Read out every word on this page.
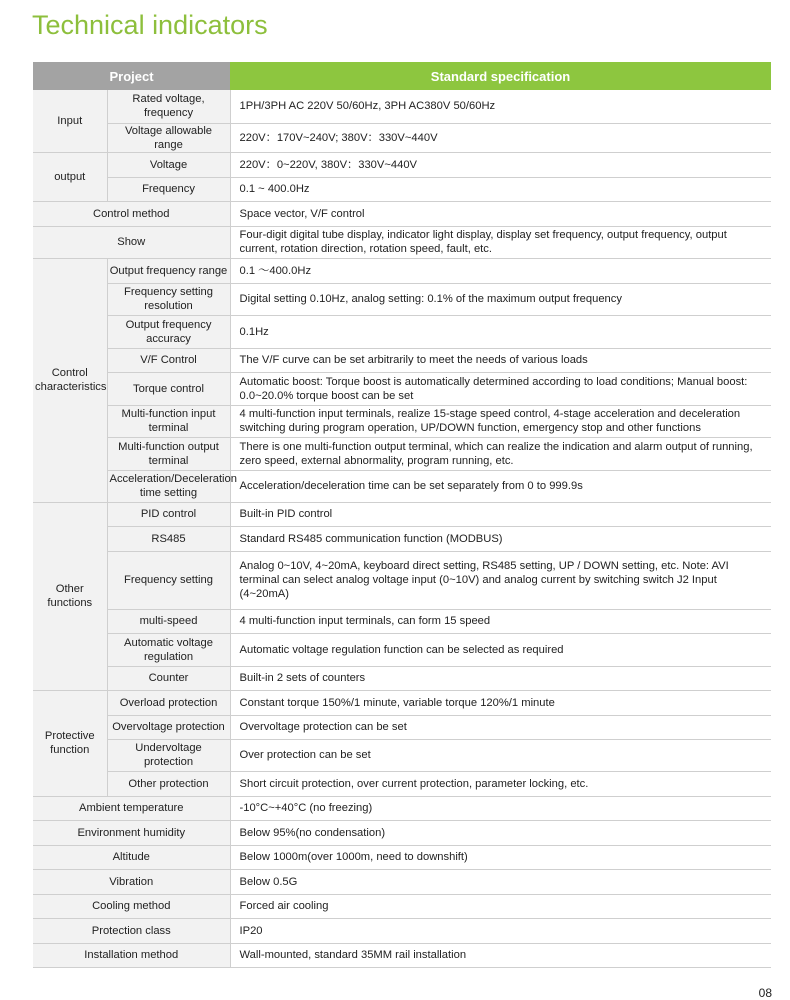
Technical indicators
Project		Standard specification
Input	Rated voltage, frequency	1PH/3PH AC 220V 50/60Hz, 3PH AC380V 50/60Hz
	Voltage allowable range	220V：170V~240V; 380V：330V~440V
output	Voltage	220V：0~220V, 380V：330V~440V
	Frequency	0.1 ~ 400.0Hz
Control method		Space vector, V/F control
Show		Four-digit digital tube display, indicator light display, display set frequency, output frequency, output current, rotation direction, rotation speed, fault, etc.
Control characteristics	Output frequency range	0.1 ～400.0Hz
	Frequency setting resolution	Digital setting 0.10Hz, analog setting: 0.1% of the maximum output frequency
	Output frequency accuracy	0.1Hz
	V/F Control	The V/F curve can be set arbitrarily to meet the needs of various loads
	Torque control	Automatic boost: Torque boost is automatically determined according to load conditions; Manual boost: 0.0~20.0% torque boost can be set
	Multi-function input terminal	4 multi-function input terminals, realize 15-stage speed control, 4-stage acceleration and deceleration switching during program operation, UP/DOWN function, emergency stop and other functions
	Multi-function output terminal	There is one multi-function output terminal, which can realize the indication and alarm output of running, zero speed, external abnormality, program running, etc.
	Acceleration/Deceleration time setting	Acceleration/deceleration time can be set separately from 0 to 999.9s
Other functions	PID control	Built-in PID control
	RS485	Standard RS485 communication function (MODBUS)
	Frequency setting	Analog 0~10V, 4~20mA, keyboard direct setting, RS485 setting, UP / DOWN setting, etc. Note: AVI terminal can select analog voltage input (0~10V) and analog current by switching switch J2 Input (4~20mA)
	multi-speed	4 multi-function input terminals, can form 15 speed
	Automatic voltage regulation	Automatic voltage regulation function can be selected as required
	Counter	Built-in 2 sets of counters
Protective function	Overload protection	Constant torque 150%/1 minute, variable torque 120%/1 minute
	Overvoltage protection	Overvoltage protection can be set
	Undervoltage protection	Over protection can be set
	Other protection	Short circuit protection, over current protection, parameter locking, etc.
Ambient temperature		-10°C~+40°C (no freezing)
Environment humidity		Below 95%(no condensation)
Altitude		Below 1000m(over 1000m, need to downshift)
Vibration		Below 0.5G
Cooling method		Forced air cooling
Protection class		IP20
Installation method		Wall-mounted, standard 35MM rail installation
08
